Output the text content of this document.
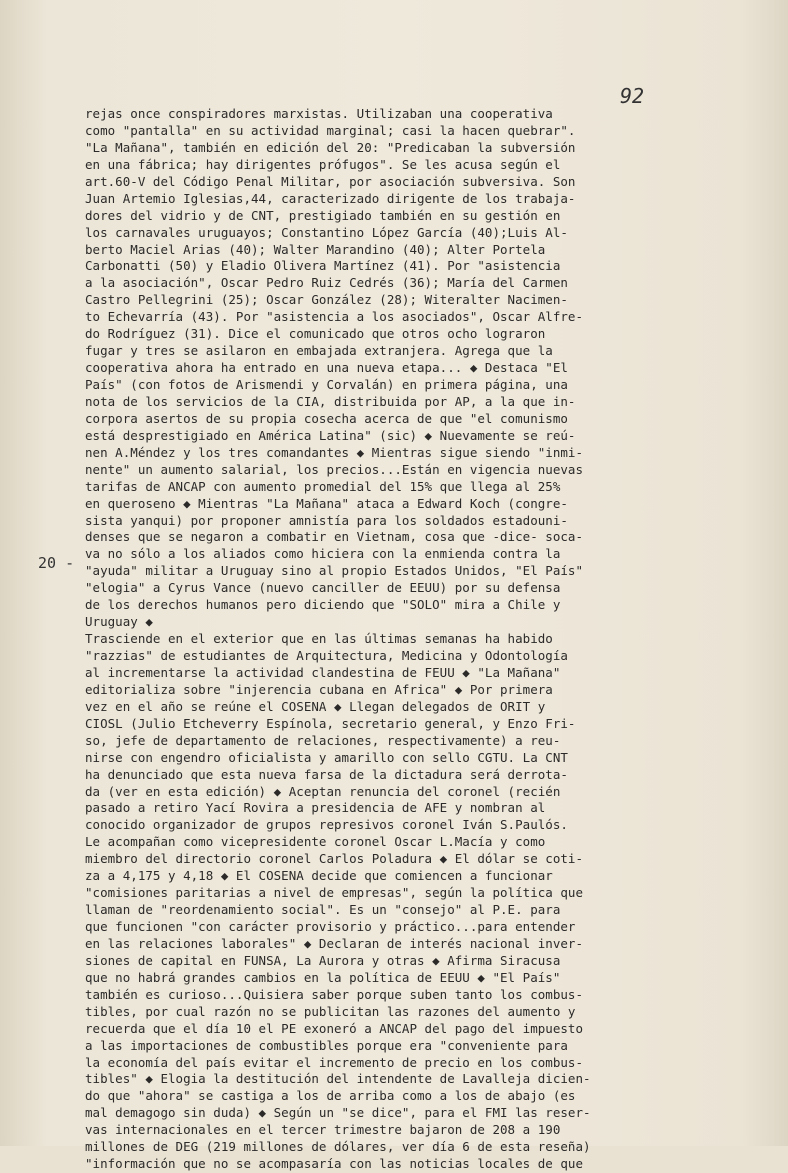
92
20 -
rejas once conspiradores marxistas. Utilizaban una cooperativa
como "pantalla" en su actividad marginal; casi la hacen quebrar".
"La Mañana", también en edición del 20: "Predicaban la subversión
en una fábrica; hay dirigentes prófugos". Se les acusa según el
art.60-V del Código Penal Militar, por asociación subversiva. Son
Juan Artemio Iglesias,44, caracterizado dirigente de los trabaja-
dores del vidrio y de CNT, prestigiado también en su gestión en
los carnavales uruguayos; Constantino López García (40);Luis Al-
berto Maciel Arias (40); Walter Marandino (40); Alter Portela
Carbonatti (50) y Eladio Olivera Martínez (41). Por "asistencia
a la asociación", Oscar Pedro Ruiz Cedrés (36); María del Carmen
Castro Pellegrini (25); Oscar González (28); Witeralter Nacimen-
to Echevarría (43). Por "asistencia a los asociados", Oscar Alfre-
do Rodríguez (31). Dice el comunicado que otros ocho lograron
fugar y tres se asilaron en embajada extranjera. Agrega que la
cooperativa ahora ha entrado en una nueva etapa... ◆ Destaca "El
País" (con fotos de Arismendi y Corvalán) en primera página, una
nota de los servicios de la CIA, distribuida por AP, a la que in-
corpora asertos de su propia cosecha acerca de que "el comunismo
está desprestigiado en América Latina" (sic) ◆ Nuevamente se reú-
nen A.Méndez y los tres comandantes ◆ Mientras sigue siendo "inmi-
nente" un aumento salarial, los precios...Están en vigencia nuevas
tarifas de ANCAP con aumento promedial del 15% que llega al 25%
en queroseno ◆ Mientras "La Mañana" ataca a Edward Koch (congre-
sista yanqui) por proponer amnistía para los soldados estadouni-
denses que se negaron a combatir en Vietnam, cosa que -dice- soca-
va no sólo a los aliados como hiciera con la enmienda contra la
"ayuda" militar a Uruguay sino al propio Estados Unidos, "El País"
"elogia" a Cyrus Vance (nuevo canciller de EEUU) por su defensa
de los derechos humanos pero diciendo que "SOLO" mira a Chile y
Uruguay ◆
Trasciende en el exterior que en las últimas semanas ha habido
"razzias" de estudiantes de Arquitectura, Medicina y Odontología
al incrementarse la actividad clandestina de FEUU ◆ "La Mañana"
editorializa sobre "injerencia cubana en Africa" ◆ Por primera
vez en el año se reúne el COSENA ◆ Llegan delegados de ORIT y
CIOSL (Julio Etcheverry Espínola, secretario general, y Enzo Fri-
so, jefe de departamento de relaciones, respectivamente) a reu-
nirse con engendro oficialista y amarillo con sello CGTU. La CNT
ha denunciado que esta nueva farsa de la dictadura será derrota-
da (ver en esta edición) ◆ Aceptan renuncia del coronel (recién
pasado a retiro Yací Rovira a presidencia de AFE y nombran al
conocido organizador de grupos represivos coronel Iván S.Paulós.
Le acompañan como vicepresidente coronel Oscar L.Macía y como
miembro del directorio coronel Carlos Poladura ◆ El dólar se coti-
za a 4,175 y 4,18 ◆ El COSENA decide que comiencen a funcionar
"comisiones paritarias a nivel de empresas", según la política que
llaman de "reordenamiento social". Es un "consejo" al P.E. para
que funcionen "con carácter provisorio y práctico...para entender
en las relaciones laborales" ◆ Declaran de interés nacional inver-
siones de capital en FUNSA, La Aurora y otras ◆ Afirma Siracusa
que no habrá grandes cambios en la política de EEUU ◆ "El País"
también es curioso...Quisiera saber porque suben tanto los combus-
tibles, por cual razón no se publicitan las razones del aumento y
recuerda que el día 10 el PE exoneró a ANCAP del pago del impuesto
a las importaciones de combustibles porque era "conveniente para
la economía del país evitar el incremento de precio en los combus-
tibles" ◆ Elogia la destitución del intendente de Lavalleja dicien-
do que "ahora" se castiga a los de arriba como a los de abajo (es
mal demagogo sin duda) ◆ Según un "se dice", para el FMI las reser-
vas internacionales en el tercer trimestre bajaron de 208 a 190
millones de DEG (219 millones de dólares, ver día 6 de esta reseña)
"información que no se acompasaría con las noticias locales de que
